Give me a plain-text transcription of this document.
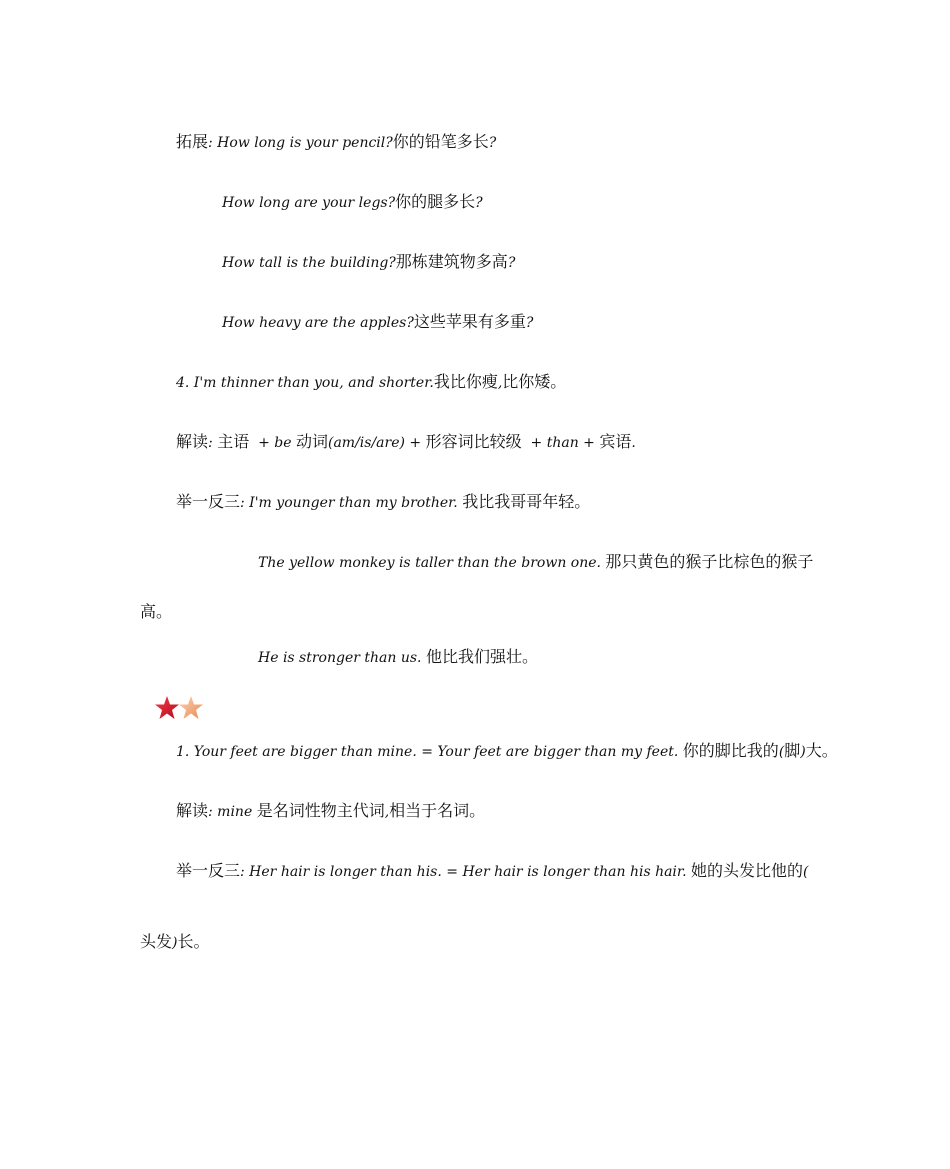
拓展: How long is your pencil?你的铅笔多长?
How long are your legs?你的腿多长?
How tall is the building?那栋建筑物多高?
How heavy are the apples?这些苹果有多重?
4. I'm thinner than you, and shorter.我比你瘦,比你矮。
解读: 主语  + be 动词(am/is/are) + 形容词比较级  + than + 宾语.
举一反三: I'm younger than my brother. 我比我哥哥年轻。
The yellow monkey is taller than the brown one. 那只黄色的猴子比棕色的猴子
高。
He is stronger than us. 他比我们强壮。
1. Your feet are bigger than mine. = Your feet are bigger than my feet. 你的脚比我的(脚)大。
解读: mine 是名词性物主代词,相当于名词。
举一反三: Her hair is longer than his. = Her hair is longer than his hair. 她的头发比他的(
头发)长。
